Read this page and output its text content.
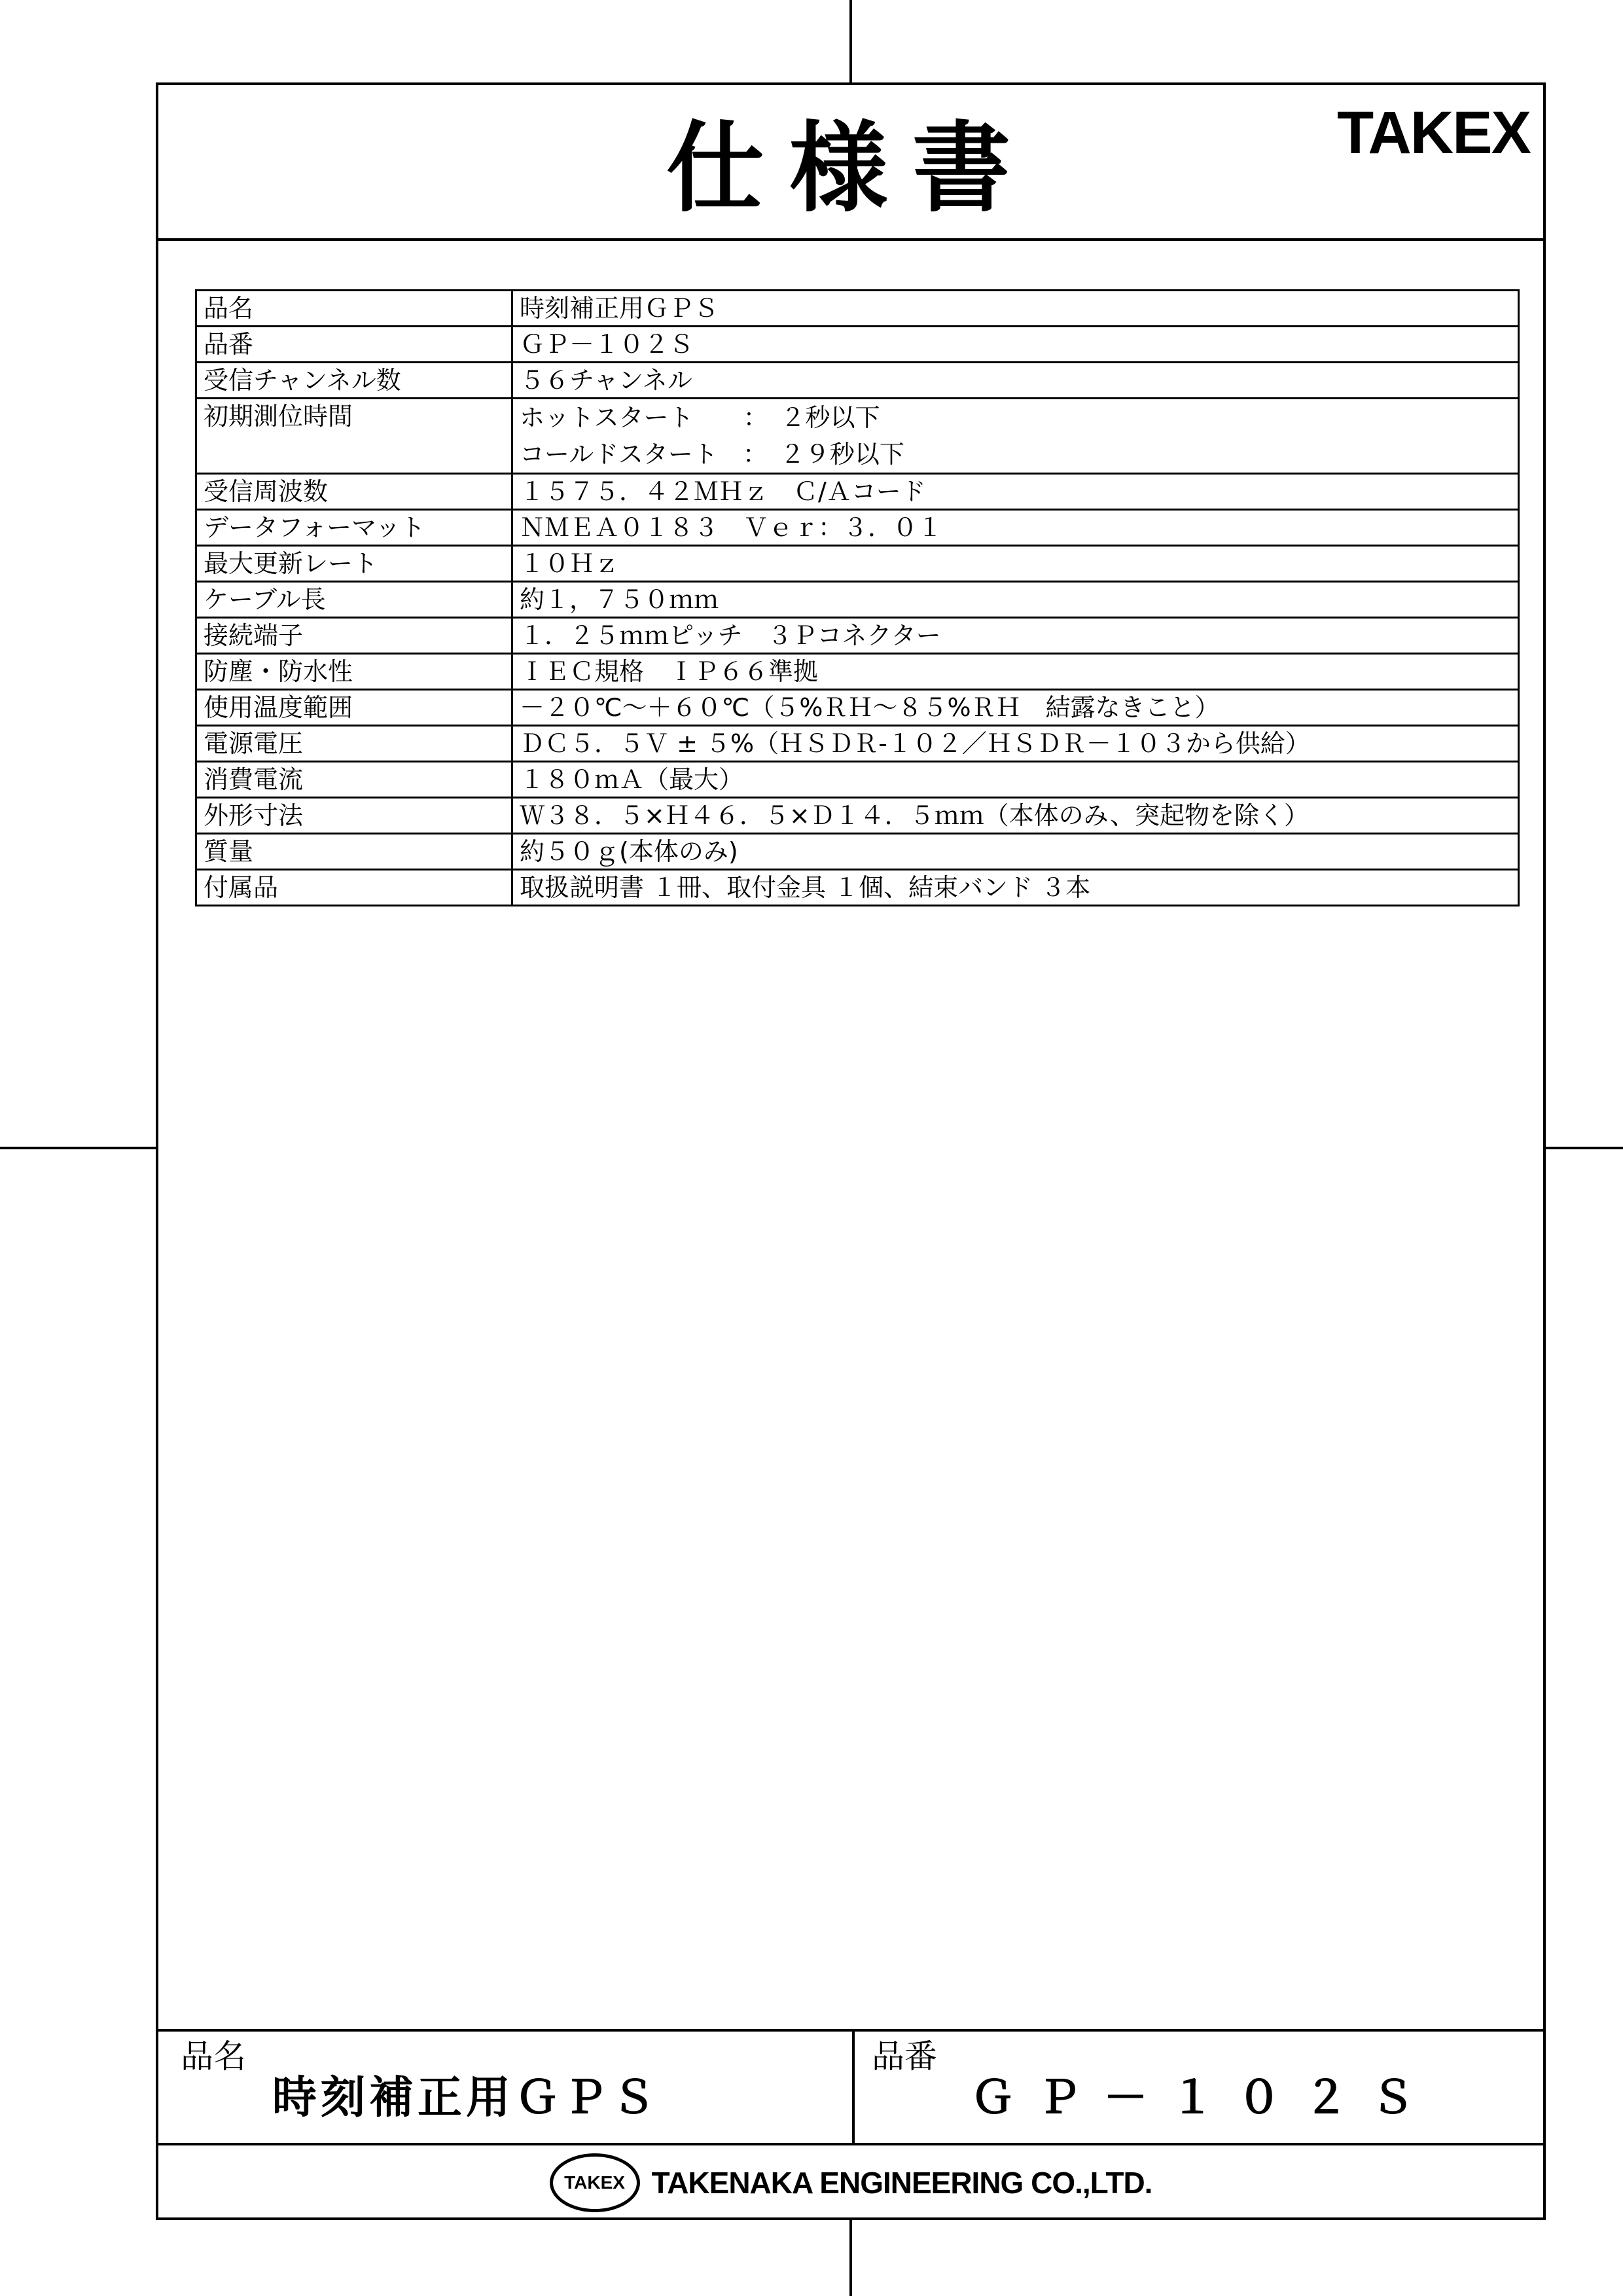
仕様書	TAKEX
品名	時刻補正用ＧＰＳ
品番	ＧＰ－１０２Ｓ
受信チャンネル数	５６チャンネル
初期測位時間	ホットスタート　　：　２秒以下
コールドスタート　：　２９秒以下

受信周波数	１５７５．４２ＭＨｚ　Ｃ/Ａコード
データフォーマット	ＮＭＥＡ０１８３　Ｖｅｒ：３．０１
最大更新レート	１０Ｈｚ
ケーブル長	約１，７５０ｍｍ
接続端子	１．２５ｍｍピッチ　３Ｐコネクター
防塵・防水性	ＩＥＣ規格　ＩＰ６６準拠
使用温度範囲	－２０℃～＋６０℃（５%ＲＨ～８５%ＲＨ　結露なきこと）
電源電圧	ＤＣ５．５Ｖ ± ５%（ＨＳＤＲ-１０２／ＨＳＤＲ－１０３から供給）
消費電流	１８０ｍＡ（最大）
外形寸法	Ｗ３８．５×Ｈ４６．５×Ｄ１４．５ｍｍ（本体のみ、突起物を除く）
質量	約５０ｇ(本体のみ)
付属品	取扱説明書 １冊、取付金具 １個、結束バンド ３本
品名
時刻補正用ＧＰＳ
品番
ＧＰ－１０２Ｓ
TAKEX TAKENAKA ENGINEERING CO.,LTD.
